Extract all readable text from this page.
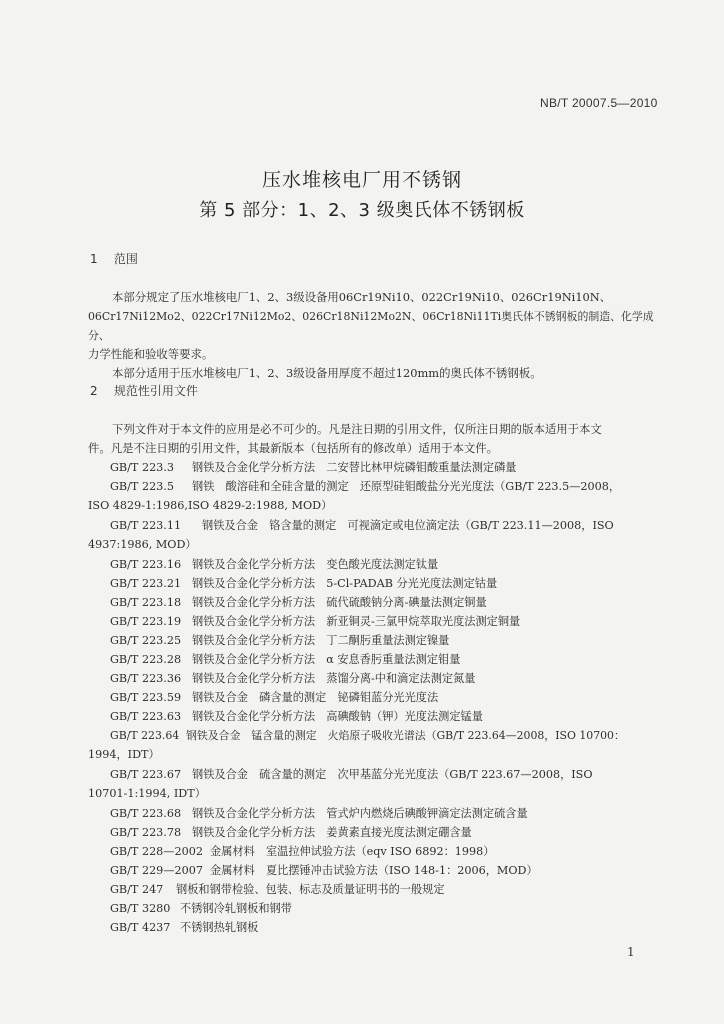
NB/T 20007.5—2010
压水堆核电厂用不锈钢
第 5 部分：1、2、3 级奥氏体不锈钢板
1 范围
本部分规定了压水堆核电厂1、2、3级设备用06Cr19Ni10、022Cr19Ni10、026Cr19Ni10N、
06Cr17Ni12Mo2、022Cr17Ni12Mo2、026Cr18Ni12Mo2N、06Cr18Ni11Ti奥氏体不锈钢板的制造、化学成分、
力学性能和验收等要求。
本部分适用于压水堆核电厂1、2、3级设备用厚度不超过120mm的奥氏体不锈钢板。
2 规范性引用文件
下列文件对于本文件的应用是必不可少的。凡是注日期的引用文件，仅所注日期的版本适用于本文
件。凡是不注日期的引用文件，其最新版本（包括所有的修改单）适用于本文件。
GB/T 223.3 钢铁及合金化学分析方法　二安替比林甲烷磷钼酸重量法测定磷量
GB/T 223.5 钢铁　酸溶硅和全硅含量的测定　还原型硅钼酸盐分光光度法（GB/T 223.5—2008，
ISO 4829-1:1986,ISO 4829-2:1988, MOD）
GB/T 223.11 钢铁及合金　铬含量的测定　可视滴定或电位滴定法（GB/T 223.11—2008，ISO
4937:1986, MOD）
GB/T 223.16 钢铁及合金化学分析方法　变色酸光度法测定钛量
GB/T 223.21 钢铁及合金化学分析方法　5-Cl-PADAB 分光光度法测定钴量
GB/T 223.18 钢铁及合金化学分析方法　硫代硫酸钠分离-碘量法测定铜量
GB/T 223.19 钢铁及合金化学分析方法　新亚铜灵-三氯甲烷萃取光度法测定铜量
GB/T 223.25 钢铁及合金化学分析方法　丁二酮肟重量法测定镍量
GB/T 223.28 钢铁及合金化学分析方法　α 安息香肟重量法测定钼量
GB/T 223.36 钢铁及合金化学分析方法　蒸馏分离-中和滴定法测定氮量
GB/T 223.59 钢铁及合金　磷含量的测定　铋磷钼蓝分光光度法
GB/T 223.63 钢铁及合金化学分析方法　高碘酸钠（钾）光度法测定锰量
GB/T 223.64 钢铁及合金　锰含量的测定　火焰原子吸收光谱法（GB/T 223.64—2008，ISO 10700：
1994，IDT）
GB/T 223.67 钢铁及合金　硫含量的测定　次甲基蓝分光光度法（GB/T 223.67—2008，ISO
10701-1:1994, IDT）
GB/T 223.68 钢铁及合金化学分析方法　管式炉内燃烧后碘酸钾滴定法测定硫含量
GB/T 223.78 钢铁及合金化学分析方法　姜黄素直接光度法测定硼含量
GB/T 228—2002 金属材料　室温拉伸试验方法（eqv ISO 6892：1998）
GB/T 229—2007 金属材料　夏比摆锤冲击试验方法（ISO 148-1：2006，MOD）
GB/T 247 钢板和钢带检验、包装、标志及质量证明书的一般规定
GB/T 3280 不锈钢冷轧钢板和钢带
GB/T 4237 不锈钢热轧钢板
1
